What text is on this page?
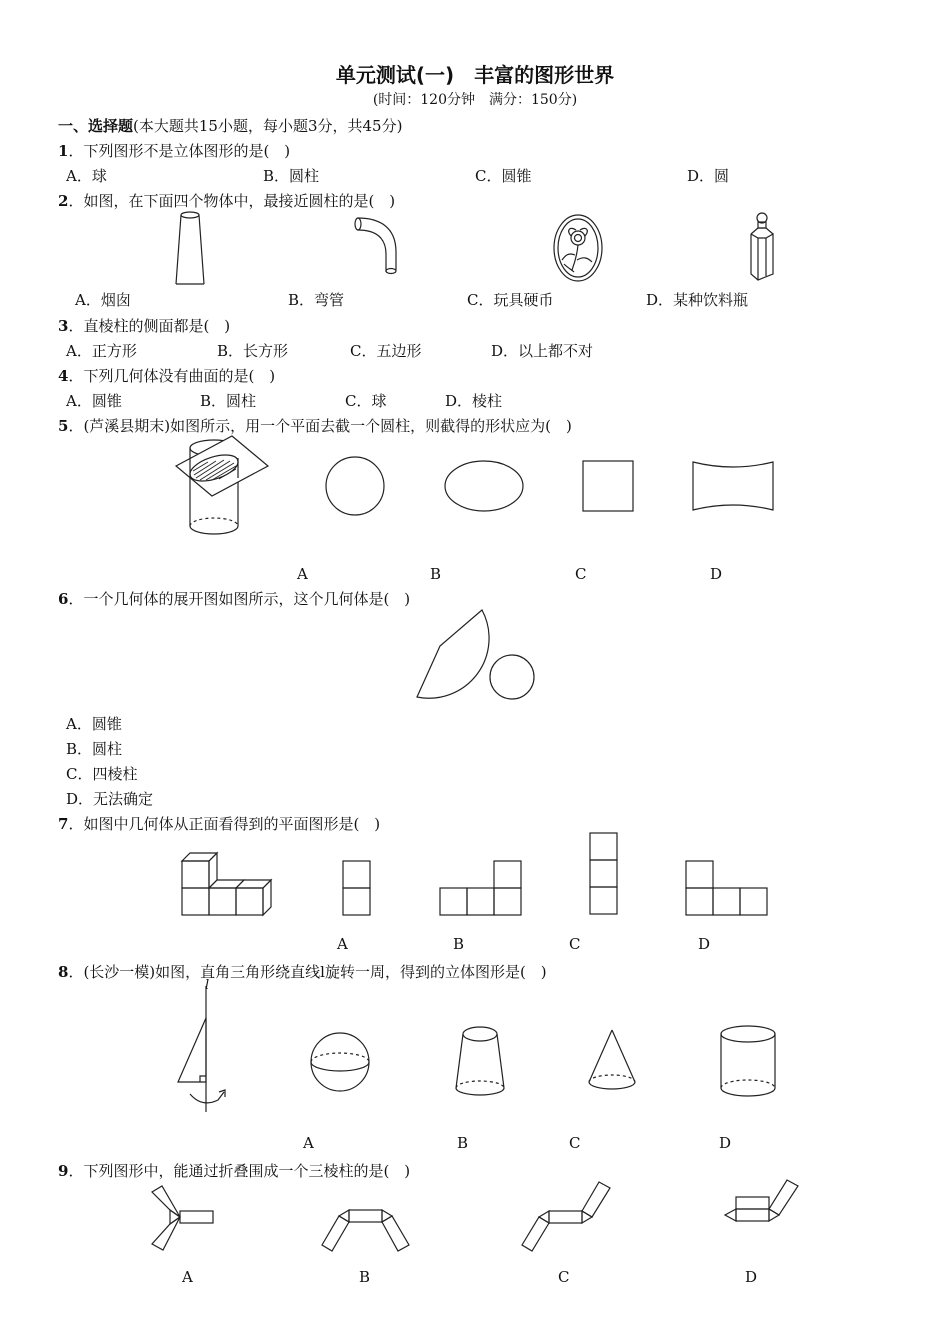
单元测试(一)　丰富的图形世界
(时间：120分钟　满分：150分)
一、选择题(本大题共15小题，每小题3分，共45分)
1．下列图形不是立体图形的是(　)
A．球	B．圆柱	C．圆锥	D．圆
2．如图，在下面四个物体中，最接近圆柱的是(　)
A．烟囱	B．弯管	C．玩具硬币	D．某种饮料瓶
3．直棱柱的侧面都是(　)
A．正方形	B．长方形	C．五边形	D．以上都不对
4．下列几何体没有曲面的是(　)
A．圆锥	B．圆柱	C．球	D．棱柱
5．(芦溪县期末)如图所示，用一个平面去截一个圆柱，则截得的形状应为(　)
A	B	C	D
6．一个几何体的展开图如图所示，这个几何体是(　)
A．圆锥
B．圆柱
C．四棱柱
D．无法确定
7．如图中几何体从正面看得到的平面图形是(　)
A	B	C	D
8．(长沙一模)如图，直角三角形绕直线l旋转一周，得到的立体图形是(　)
l
A	B	C	D
9．下列图形中，能通过折叠围成一个三棱柱的是(　)
A	B	C	D
